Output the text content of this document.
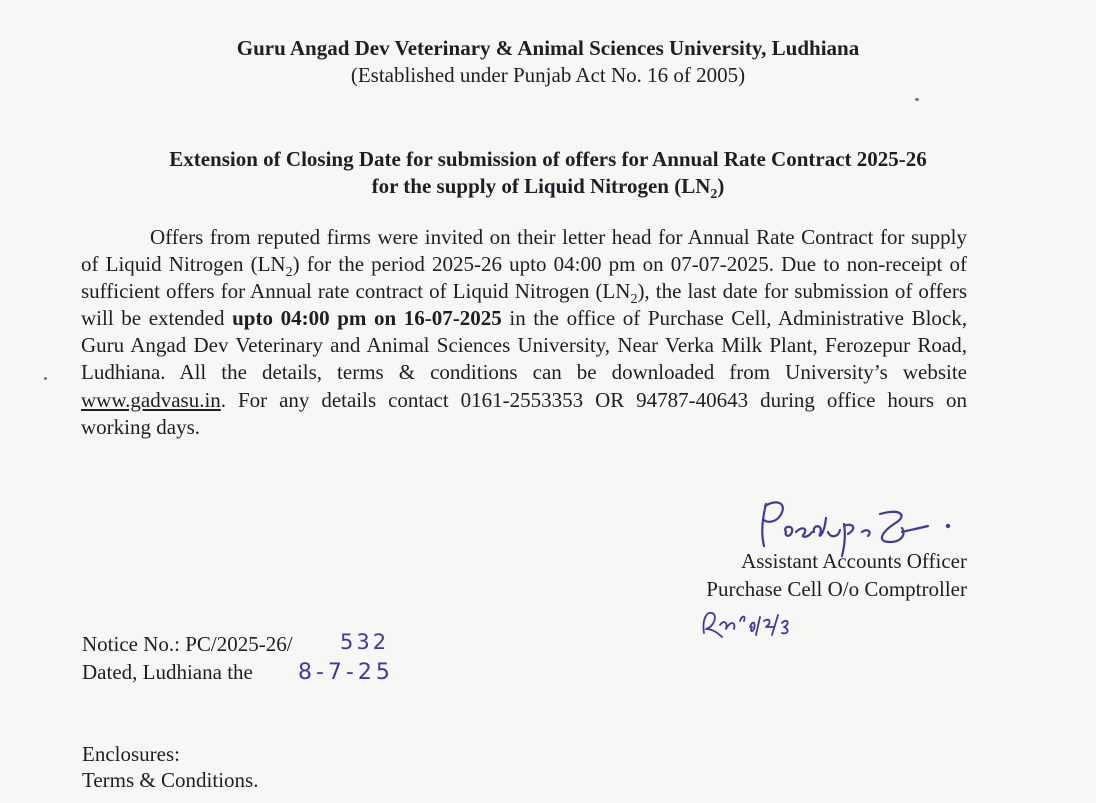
Guru Angad Dev Veterinary & Animal Sciences University, Ludhiana
(Established under Punjab Act No. 16 of 2005)
Extension of Closing Date for submission of offers for Annual Rate Contract 2025-26
for the supply of Liquid Nitrogen $(LN_2)$
Offers from reputed firms were invited on their letter head for Annual Rate Contract for supply of Liquid Nitrogen $(LN_2)$ for the period 2025-26 upto 04:00 pm on 07-07-2025. Due to non-receipt of sufficient offers for Annual rate contract of Liquid Nitrogen $(LN_2)$, the last date for submission of offers will be extended upto 04:00 pm on 16-07-2025 in the office of Purchase Cell, Administrative Block, Guru Angad Dev Veterinary and Animal Sciences University, Near Verka Milk Plant, Ferozepur Road, Ludhiana. All the details, terms & conditions can be downloaded from University’s website www.gadvasu.in. For any details contact 0161-2553353 OR 94787-40643 during office hours on working days.
Assistant Accounts Officer
Purchase Cell O/o Comptroller
Notice No.: PC/2025-26/ 532
Dated, Ludhiana the 8-7-25
Enclosures:
Terms & Conditions.
